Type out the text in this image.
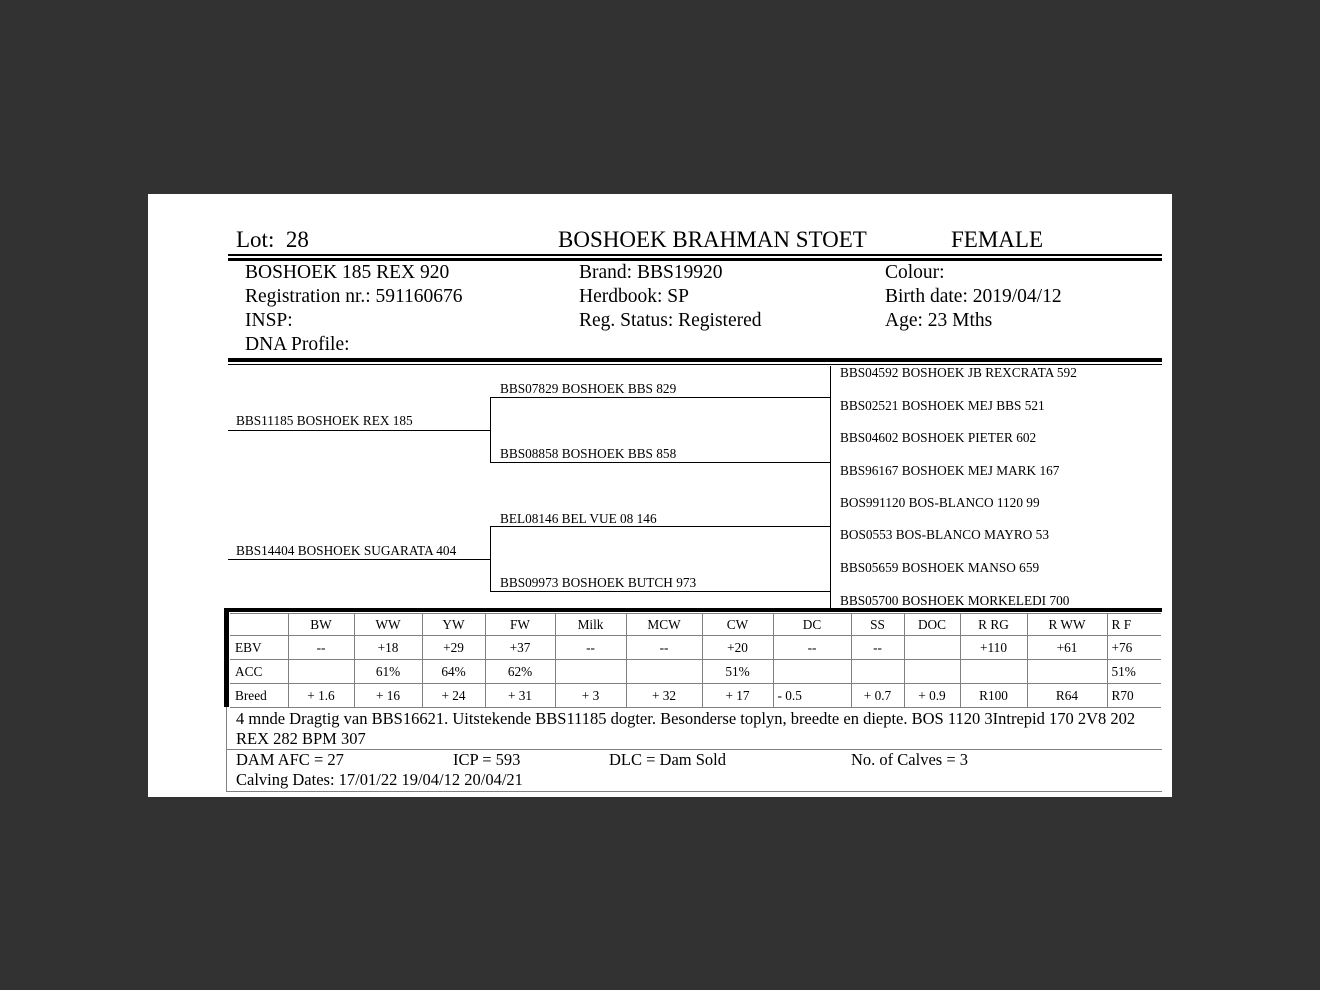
Lot: 28	BOSHOEK BRAHMAN STOET	FEMALE
BOSHOEK 185 REX 920
Registration nr.: 591160676
INSP:
DNA Profile:
Brand: BBS19920
Herdbook: SP
Reg. Status: Registered
Colour:
Birth date: 2019/04/12
Age: 23 Mths
BBS11185 BOSHOEK REX 185
BBS14404 BOSHOEK SUGARATA 404
BBS07829 BOSHOEK BBS 829
BBS08858 BOSHOEK BBS 858
BEL08146 BEL VUE 08 146
BBS09973 BOSHOEK BUTCH 973
BBS04592 BOSHOEK JB REXCRATA 592
BBS02521 BOSHOEK MEJ BBS 521
BBS04602 BOSHOEK PIETER 602
BBS96167 BOSHOEK MEJ MARK 167
BOS991120 BOS-BLANCO 1120 99
BOS0553 BOS-BLANCO MAYRO 53
BBS05659 BOSHOEK MANSO 659
BBS05700 BOSHOEK MORKELEDI 700
	BW	WW	YW	FW	Milk	MCW	CW	DC	SS	DOC	R RG	R WW	R F
EBV	--	+18	+29	+37	--	--	+20	--	--		+110	+61	+76
ACC		61%	64%	62%			51%						51%
Breed	+ 1.6	+ 16	+ 24	+ 31	+ 3	+ 32	+ 17	- 0.5	+ 0.7	+ 0.9	R100	R64	R70
4 mnde Dragtig van BBS16621. Uitstekende BBS11185 dogter. Besonderse toplyn, breedte en diepte. BOS 1120 3Intrepid 170 2V8 202 REX 282 BPM 307
DAM AFC = 27	ICP = 593	DLC = Dam Sold	No. of Calves = 3
Calving Dates: 17/01/22 19/04/12 20/04/21
